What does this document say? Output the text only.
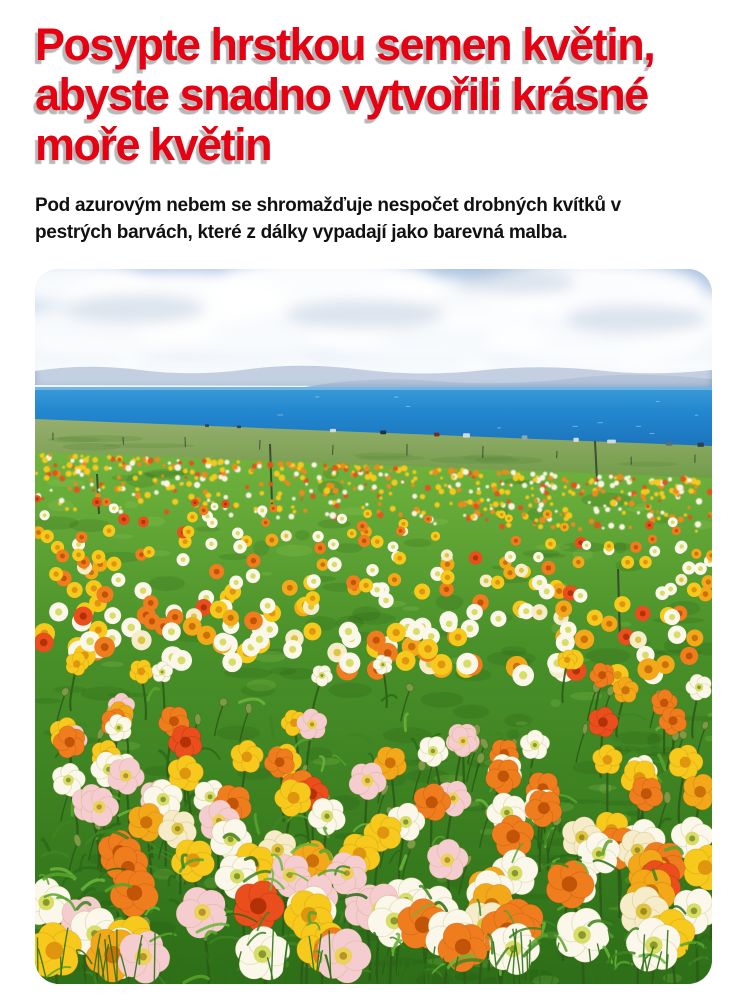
Posypte hrstkou semen květin,
abyste snadno vytvořili krásné
moře květin

Pod azurovým nebem se shromažďuje nespočet drobných kvítků v
pestrých barvách, které z dálky vypadají jako barevná malba.
